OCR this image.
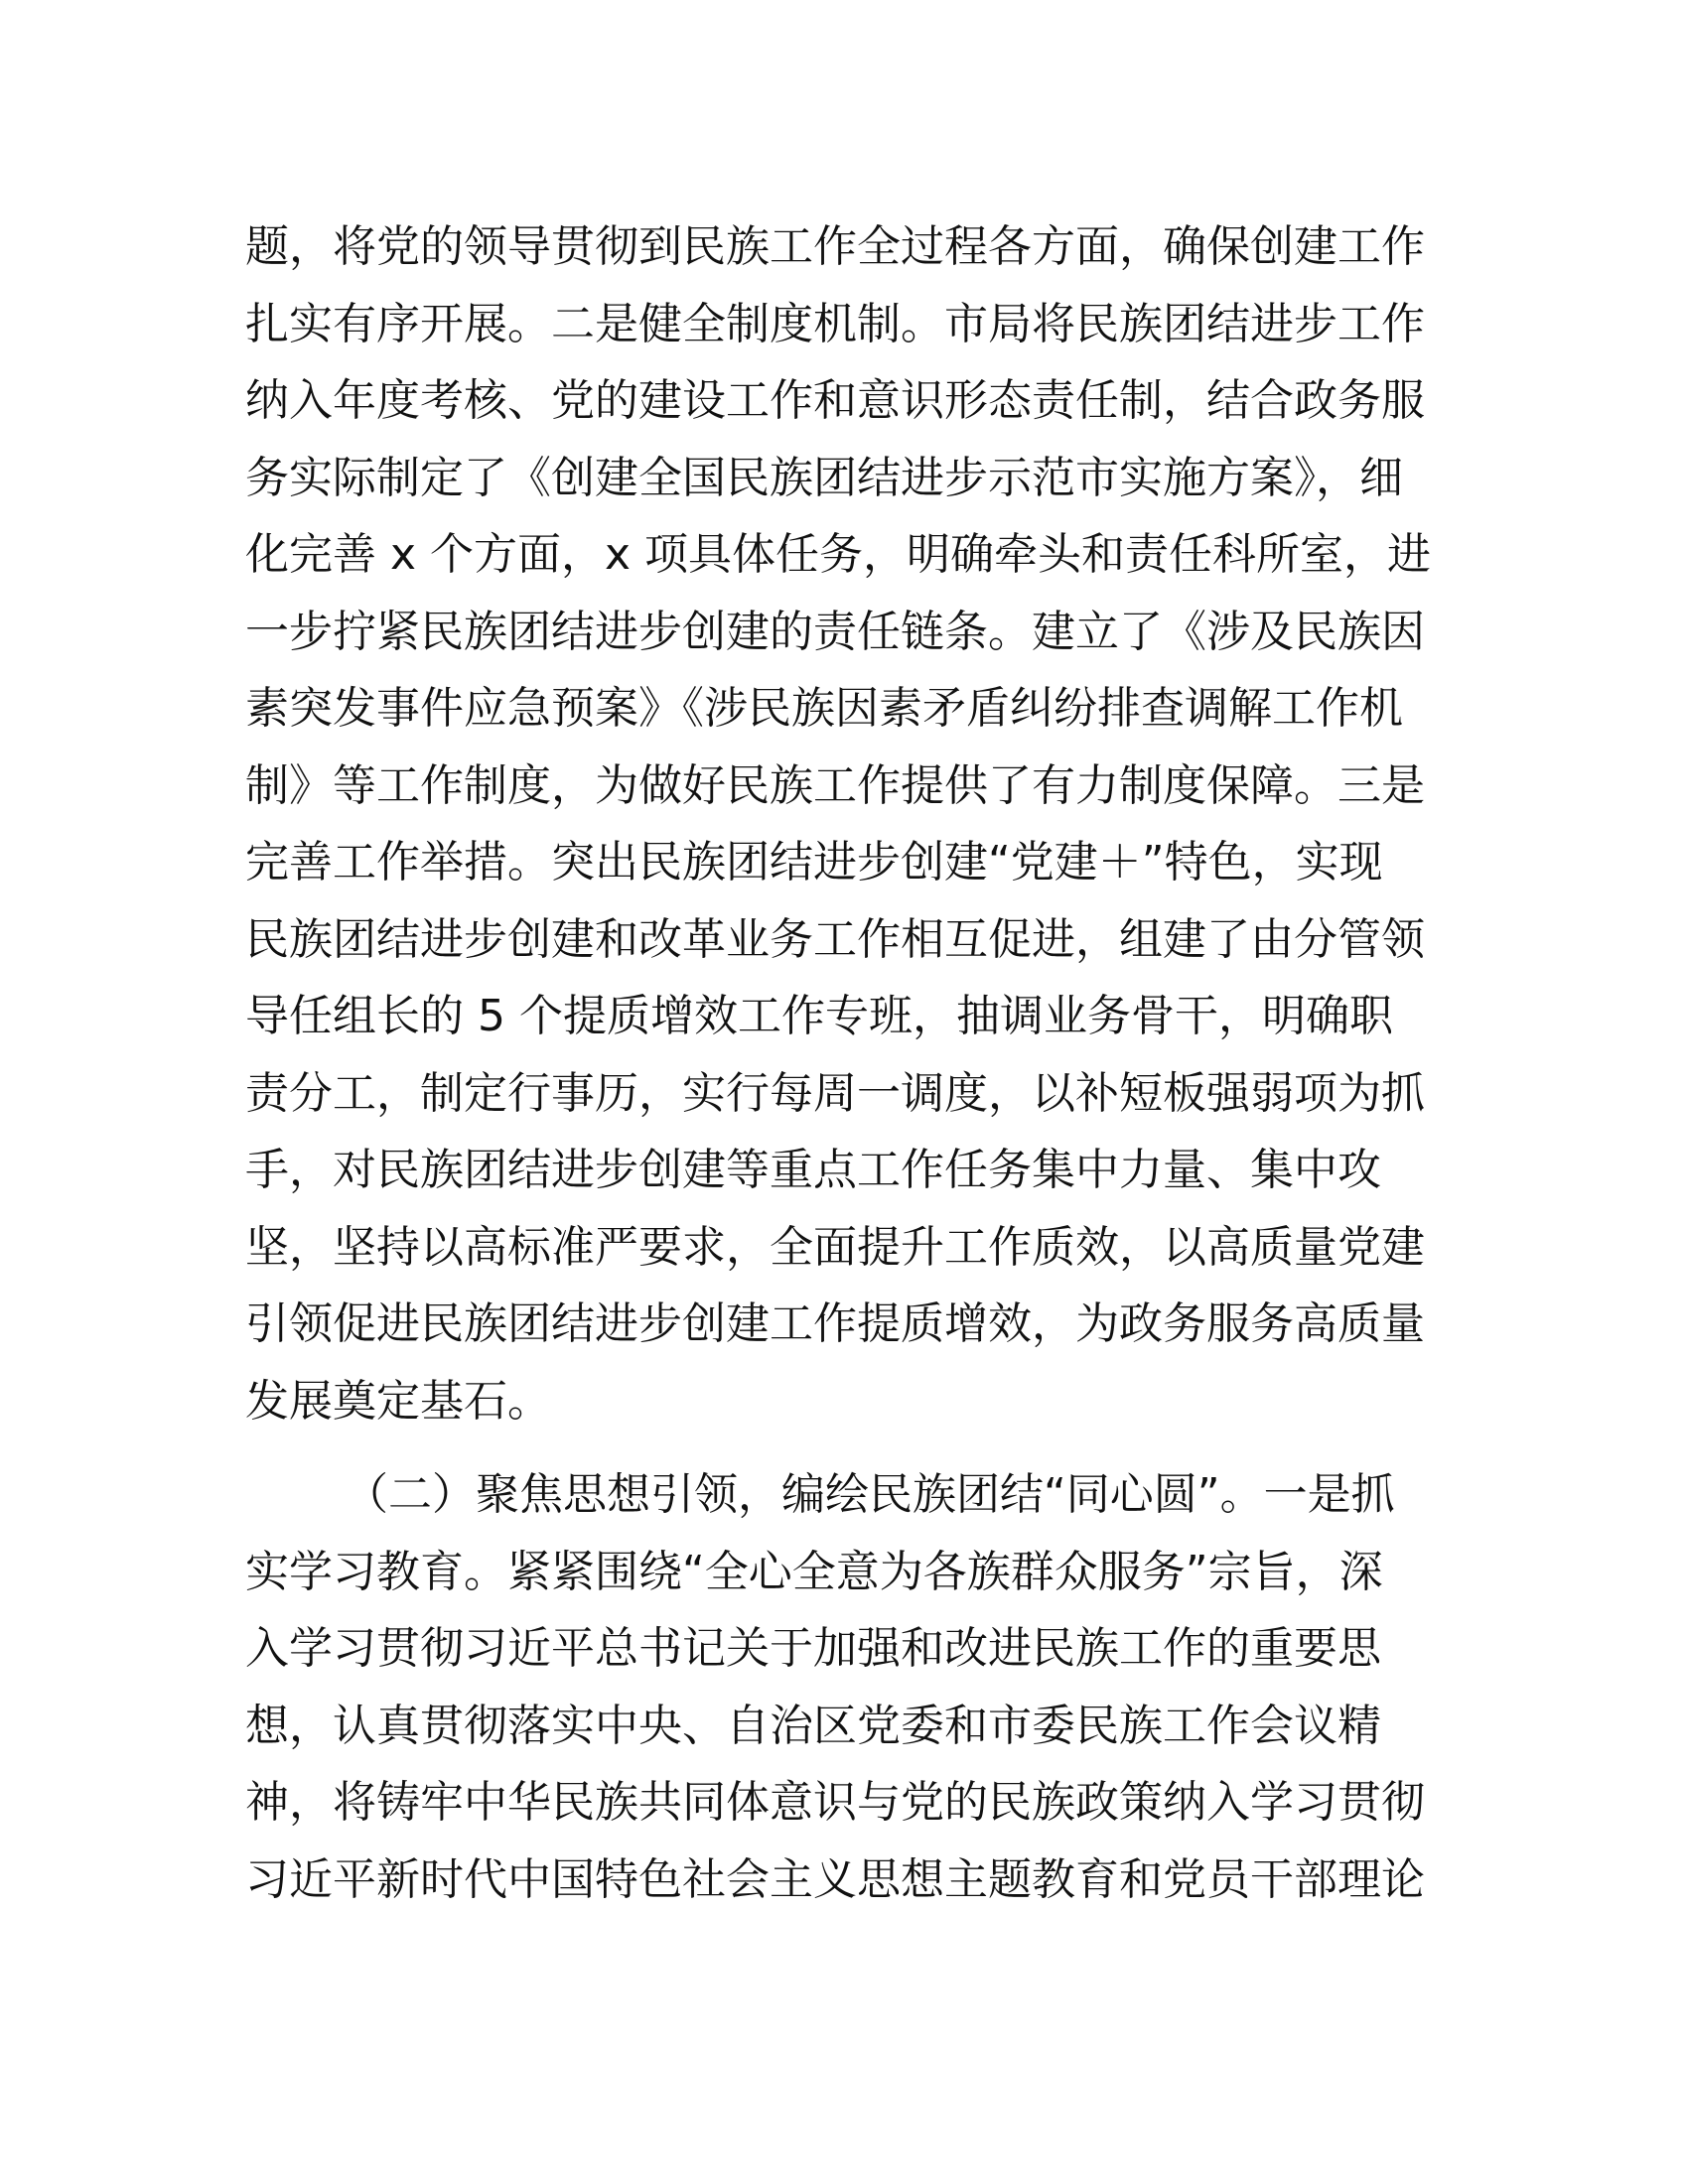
题，将党的领导贯彻到民族工作全过程各方面，确保创建工作
扎实有序开展。二是健全制度机制。市局将民族团结进步工作
纳入年度考核、党的建设工作和意识形态责任制，结合政务服
务实际制定了《创建全国民族团结进步示范市实施方案》，细
化完善 x 个方面，x 项具体任务，明确牵头和责任科所室，进
一步拧紧民族团结进步创建的责任链条。建立了《涉及民族因
素突发事件应急预案》《涉民族因素矛盾纠纷排查调解工作机
制》等工作制度，为做好民族工作提供了有力制度保障。三是
完善工作举措。突出民族团结进步创建“党建＋”特色，实现
民族团结进步创建和改革业务工作相互促进，组建了由分管领
导任组长的 5 个提质增效工作专班，抽调业务骨干，明确职
责分工，制定行事历，实行每周一调度，以补短板强弱项为抓
手，对民族团结进步创建等重点工作任务集中力量、集中攻
坚，坚持以高标准严要求，全面提升工作质效，以高质量党建
引领促进民族团结进步创建工作提质增效，为政务服务高质量
发展奠定基石。
（二）聚焦思想引领，编绘民族团结“同心圆”。一是抓
实学习教育。紧紧围绕“全心全意为各族群众服务”宗旨，深
入学习贯彻习近平总书记关于加强和改进民族工作的重要思
想，认真贯彻落实中央、自治区党委和市委民族工作会议精
神，将铸牢中华民族共同体意识与党的民族政策纳入学习贯彻
习近平新时代中国特色社会主义思想主题教育和党员干部理论
